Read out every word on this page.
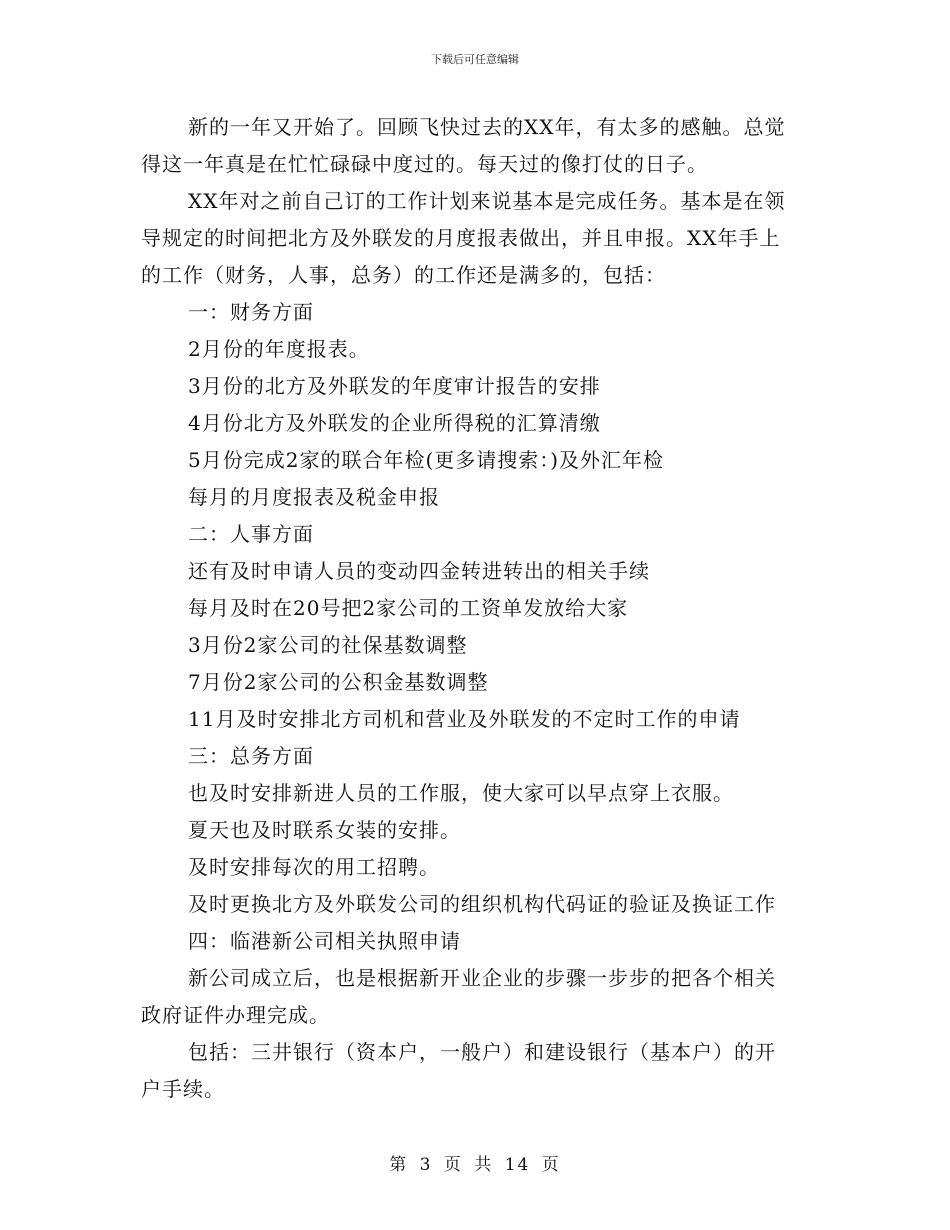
下载后可任意编辑

新的一年又开始了。回顾飞快过去的XX年，有太多的感触。总觉

得这一年真是在忙忙碌碌中度过的。每天过的像打仗的日子。

XX年对之前自己订的工作计划来说基本是完成任务。基本是在领

导规定的时间把北方及外联发的月度报表做出，并且申报。XX年手上

的工作（财务，人事，总务）的工作还是满多的，包括：

一：财务方面

2月份的年度报表。

3月份的北方及外联发的年度审计报告的安排

4月份北方及外联发的企业所得税的汇算清缴

5月份完成2家的联合年检(更多请搜索：)及外汇年检

每月的月度报表及税金申报

二：人事方面

还有及时申请人员的变动四金转进转出的相关手续

每月及时在20号把2家公司的工资单发放给大家

3月份2家公司的社保基数调整

7月份2家公司的公积金基数调整

11月及时安排北方司机和营业及外联发的不定时工作的申请

三：总务方面

也及时安排新进人员的工作服，使大家可以早点穿上衣服。

夏天也及时联系女装的安排。

及时安排每次的用工招聘。

及时更换北方及外联发公司的组织机构代码证的验证及换证工作

四：临港新公司相关执照申请

新公司成立后，也是根据新开业企业的步骤一步步的把各个相关

政府证件办理完成。

包括：三井银行（资本户，一般户）和建设银行（基本户）的开

户手续。

第 3 页 共 14 页
